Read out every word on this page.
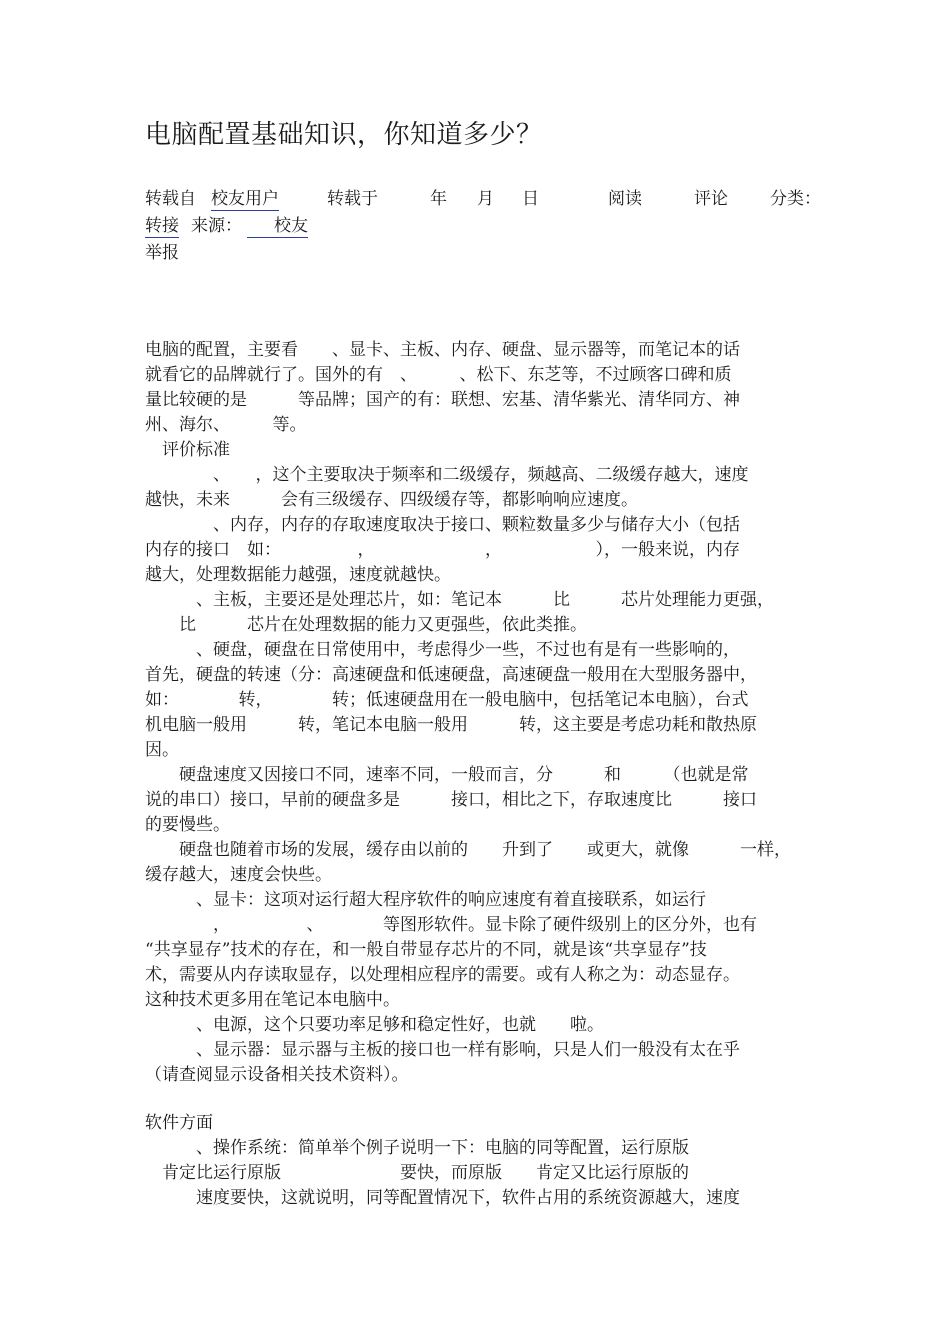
电脑配置基础知识，你知道多少？
转载自 校友用户	转载于	年 月 日	阅读	评论 分类：
转接 来源：	校友
举报
电脑的配置，主要看　　、显卡、主板、内存、硬盘、显示器等，而笔记本的话
就看它的品牌就行了。国外的有　、　　　、松下、东芝等，不过顾客口碑和质
量比较硬的是　　　等品牌；国产的有：联想、宏基、清华紫光、清华同方、神
州、海尔、　　　等。
　评价标准
　　　　、　　，这个主要取决于频率和二级缓存，频越高、二级缓存越大，速度
越快，未来　　　会有三级缓存、四级缓存等，都影响响应速度。
　　　　、内存，内存的存取速度取决于接口、颗粒数量多少与储存大小（包括
内存的接口　如：　　　　　，　　　　　　　，　　　　　　），一般来说，内存
越大，处理数据能力越强，速度就越快。
　　　、主板，主要还是处理芯片，如：笔记本　　　比　　　芯片处理能力更强，
　　比　　　芯片在处理数据的能力又更强些，依此类推。
　　　、硬盘，硬盘在日常使用中，考虑得少一些，不过也有是有一些影响的，
首先，硬盘的转速（分：高速硬盘和低速硬盘，高速硬盘一般用在大型服务器中，
如：　　　　转，　　　　转；低速硬盘用在一般电脑中，包括笔记本电脑），台式
机电脑一般用　　　转，笔记本电脑一般用　　　转，这主要是考虑功耗和散热原
因。
　　硬盘速度又因接口不同，速率不同，一般而言，分　　　和　　　（也就是常
说的串口）接口，早前的硬盘多是　　　接口，相比之下，存取速度比　　　接口
的要慢些。
　　硬盘也随着市场的发展，缓存由以前的　　升到了　　或更大，就像　　　一样，
缓存越大，速度会快些。
　　　、显卡：这项对运行超大程序软件的响应速度有着直接联系，如运行
　　　　，　　　　　、　　　　等图形软件。显卡除了硬件级别上的区分外，也有
“共享显存”技术的存在，和一般自带显存芯片的不同，就是该“共享显存”技
术，需要从内存读取显存，以处理相应程序的需要。或有人称之为：动态显存。
这种技术更多用在笔记本电脑中。
　　　、电源，这个只要功率足够和稳定性好，也就　　啦。
　　　、显示器：显示器与主板的接口也一样有影响，只是人们一般没有太在乎
（请查阅显示设备相关技术资料）。
软件方面
　　　、操作系统：简单举个例子说明一下：电脑的同等配置，运行原版
　肯定比运行原版　　　　　　　要快，而原版　　肯定又比运行原版的
　　　速度要快，这就说明，同等配置情况下，软件占用的系统资源越大，速度
